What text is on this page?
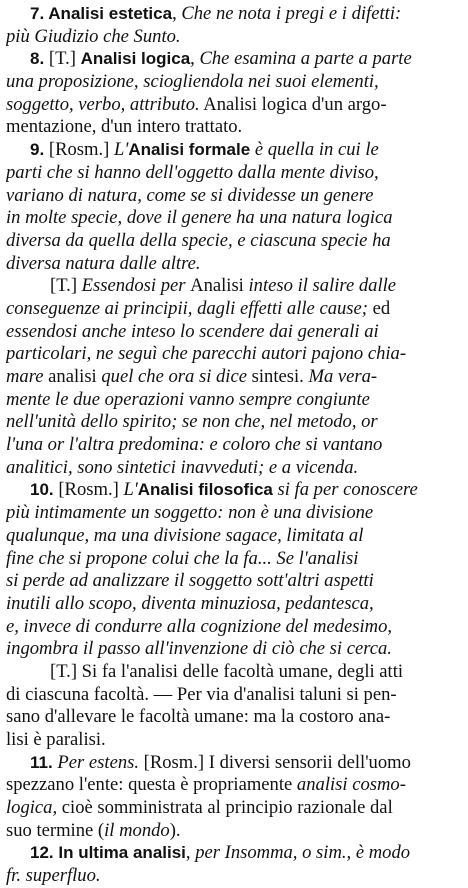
7. Analisi estetica, Che ne nota i pregi e i difetti:
più Giudizio che Sunto.
8. [T.] Analisi logica, Che esamina a parte a parte
una proposizione, sciogliendola nei suoi elementi,
soggetto, verbo, attributo. Analisi logica d'un argo-
mentazione, d'un intero trattato.
9. [Rosm.] L'Analisi formale è quella in cui le
parti che si hanno dell'oggetto dalla mente diviso,
variano di natura, come se si dividesse un genere
in molte specie, dove il genere ha una natura logica
diversa da quella della specie, e ciascuna specie ha
diversa natura dalle altre.
[T.] Essendosi per Analisi inteso il salire dalle
conseguenze ai principii, dagli effetti alle cause; ed
essendosi anche inteso lo scendere dai generali ai
particolari, ne seguì che parecchi autori pajono chia-
mare analisi quel che ora si dice sintesi. Ma vera-
mente le due operazioni vanno sempre congiunte
nell'unità dello spirito; se non che, nel metodo, or
l'una or l'altra predomina: e coloro che si vantano
analitici, sono sintetici inavveduti; e a vicenda.
10. [Rosm.] L'Analisi filosofica si fa per conoscere
più intimamente un soggetto: non è una divisione
qualunque, ma una divisione sagace, limitata al
fine che si propone colui che la fa... Se l'analisi
si perde ad analizzare il soggetto sott'altri aspetti
inutili allo scopo, diventa minuziosa, pedantesca,
e, invece di condurre alla cognizione del medesimo,
ingombra il passo all'invenzione di ciò che si cerca.
[T.] Si fa l'analisi delle facoltà umane, degli atti
di ciascuna facoltà. — Per via d'analisi taluni si pen-
sano d'allevare le facoltà umane: ma la costoro ana-
lisi è paralisi.
11. Per estens. [Rosm.] I diversi sensorii dell'uomo
spezzano l'ente: questa è propriamente analisi cosmo-
logica, cioè somministrata al principio razionale dal
suo termine (il mondo).
12. In ultima analisi, per Insomma, o sim., è modo
fr. superfluo.
